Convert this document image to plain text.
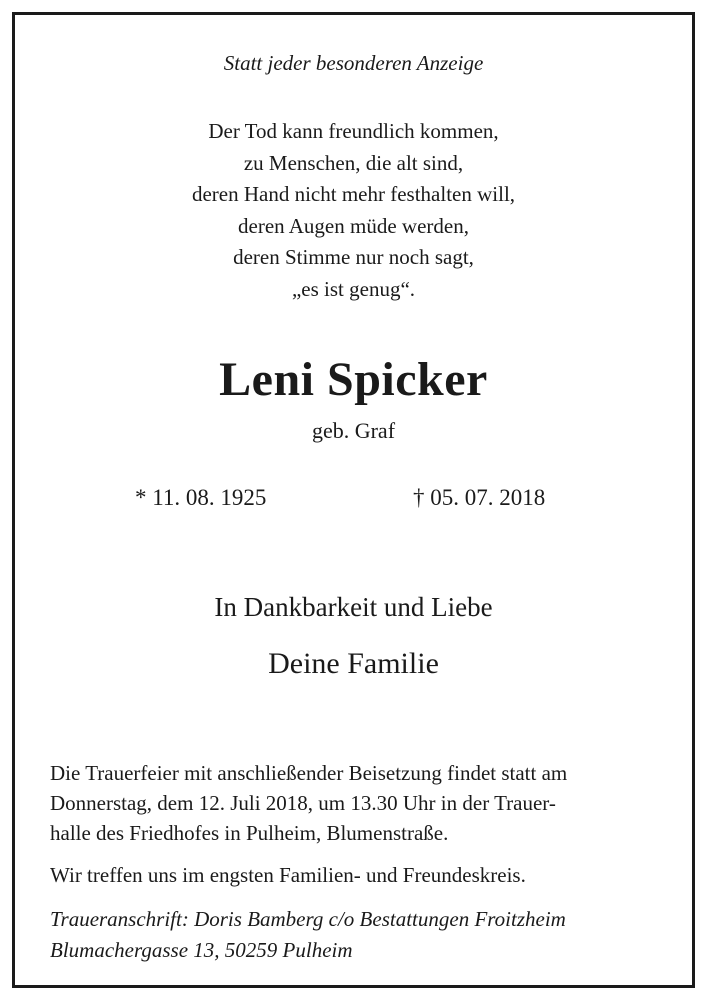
Statt jeder besonderen Anzeige
Der Tod kann freundlich kommen,
zu Menschen, die alt sind,
deren Hand nicht mehr festhalten will,
deren Augen müde werden,
deren Stimme nur noch sagt,
„es ist genug“.
Leni Spicker
geb. Graf
* 11. 08. 1925	† 05. 07. 2018
In Dankbarkeit und Liebe
Deine Familie
Die Trauerfeier mit anschließender Beisetzung findet statt am
Donnerstag, dem 12. Juli 2018, um 13.30 Uhr in der Trauer-
halle des Friedhofes in Pulheim, Blumenstraße.
Wir treffen uns im engsten Familien- und Freundeskreis.
Traueranschrift: Doris Bamberg c/o Bestattungen Froitzheim
Blumachergasse 13, 50259 Pulheim
